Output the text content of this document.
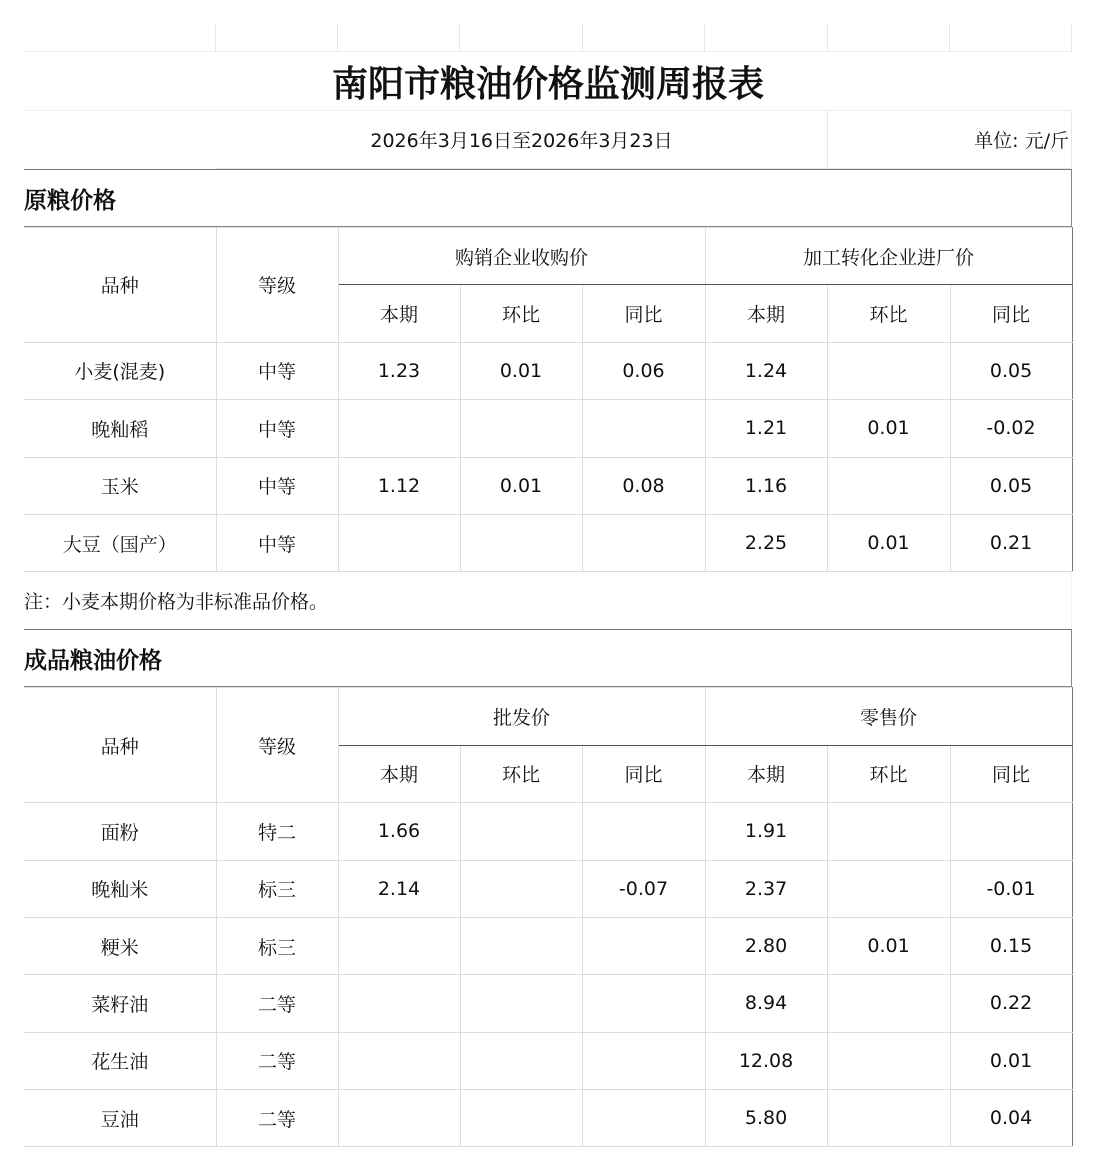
南阳市粮油价格监测周报表
2026年3月16日至2026年3月23日	单位: 元/斤
原粮价格
品种	等级	购销企业收购价			加工转化企业进厂价		
		本期	环比	同比	本期	环比	同比
小麦(混麦)	中等	1.23	0.01	0.06	1.24		0.05
晚籼稻	中等				1.21	0.01	-0.02
玉米	中等	1.12	0.01	0.08	1.16		0.05
大豆（国产）	中等				2.25	0.01	0.21
注：小麦本期价格为非标准品价格。
成品粮油价格
品种	等级	批发价			零售价		
		本期	环比	同比	本期	环比	同比
面粉	特二	1.66			1.91		
晚籼米	标三	2.14		-0.07	2.37		-0.01
粳米	标三				2.80	0.01	0.15
菜籽油	二等				8.94		0.22
花生油	二等				12.08		0.01
豆油	二等				5.80		0.04
